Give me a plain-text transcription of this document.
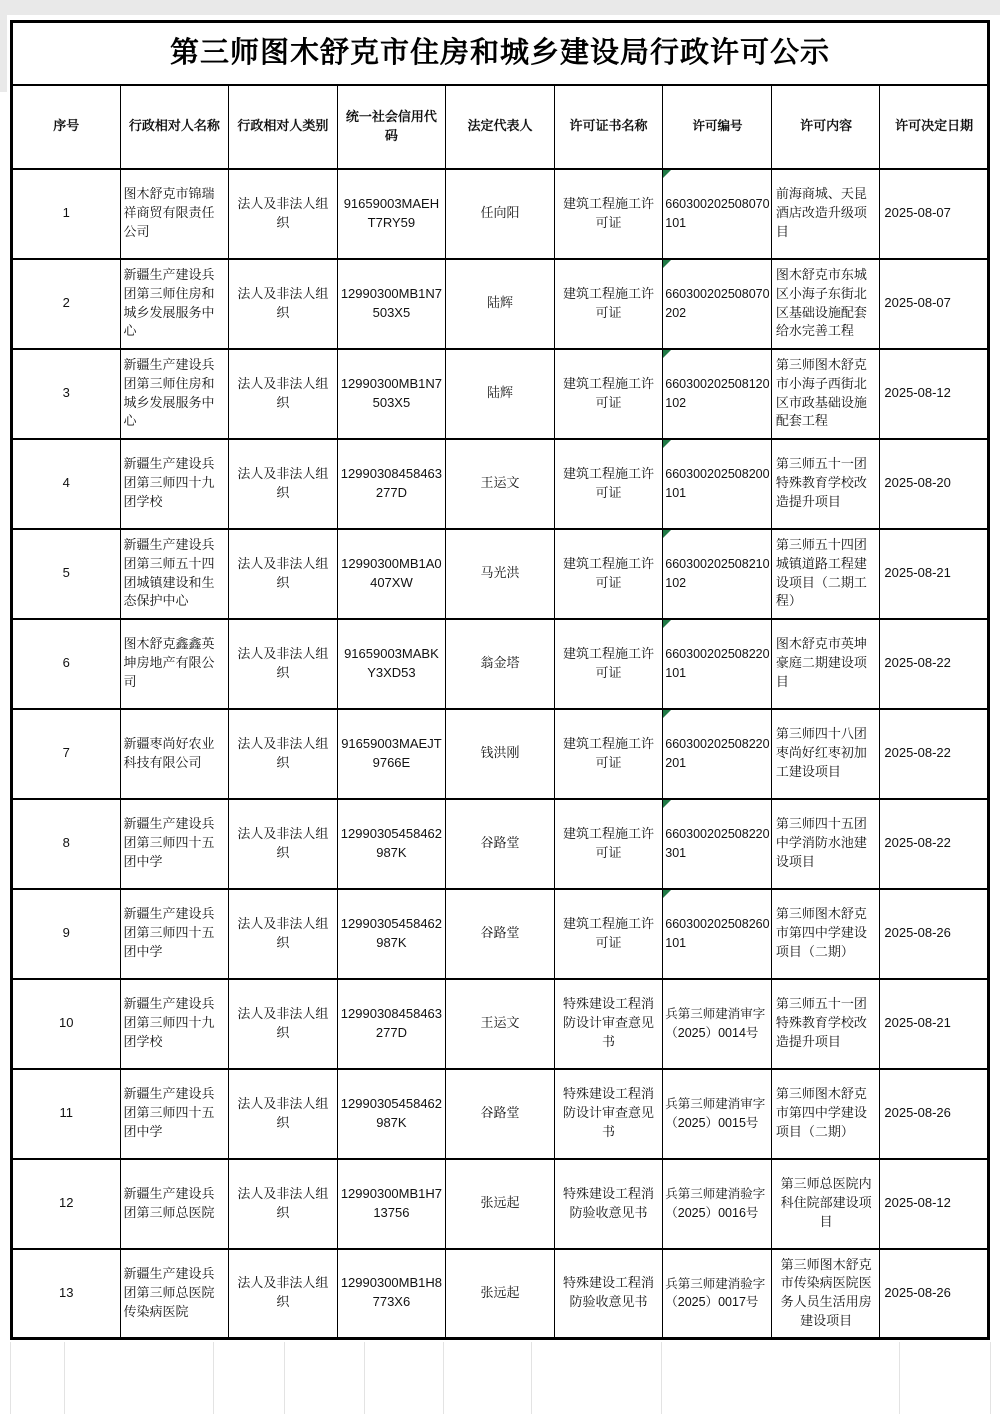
第三师图木舒克市住房和城乡建设局行政许可公示								
序号	行政相对人名称	行政相对人类别	统一社会信用代码	法定代表人	许可证书名称	许可编号	许可内容	许可决定日期
1	图木舒克市锦瑞祥商贸有限责任公司	法人及非法人组织	91659003MAEHT7RY59	任向阳	建筑工程施工许可证	660300202508070101	前海商城、天昆酒店改造升级项目	2025-08-07
2	新疆生产建设兵团第三师住房和城乡发展服务中心	法人及非法人组织	12990300MB1N7503X5	陆辉	建筑工程施工许可证	660300202508070202	图木舒克市东城区小海子东街北区基础设施配套给水完善工程	2025-08-07
3	新疆生产建设兵团第三师住房和城乡发展服务中心	法人及非法人组织	12990300MB1N7503X5	陆辉	建筑工程施工许可证	660300202508120102	第三师图木舒克市小海子西街北区市政基础设施配套工程	2025-08-12
4	新疆生产建设兵团第三师四十九团学校	法人及非法人组织	12990308458463277D	王运文	建筑工程施工许可证	660300202508200101	第三师五十一团特殊教育学校改造提升项目	2025-08-20
5	新疆生产建设兵团第三师五十四团城镇建设和生态保护中心	法人及非法人组织	12990300MB1A0407XW	马光洪	建筑工程施工许可证	660300202508210102	第三师五十四团城镇道路工程建设项目（二期工程）	2025-08-21
6	图木舒克鑫鑫英坤房地产有限公司	法人及非法人组织	91659003MABKY3XD53	翁金塔	建筑工程施工许可证	660300202508220101	图木舒克市英坤豪庭二期建设项目	2025-08-22
7	新疆枣尚好农业科技有限公司	法人及非法人组织	91659003MAEJT9766E	钱洪刚	建筑工程施工许可证	660300202508220201	第三师四十八团枣尚好红枣初加工建设项目	2025-08-22
8	新疆生产建设兵团第三师四十五团中学	法人及非法人组织	12990305458462987K	谷路堂	建筑工程施工许可证	660300202508220301	第三师四十五团中学消防水池建设项目	2025-08-22
9	新疆生产建设兵团第三师四十五团中学	法人及非法人组织	12990305458462987K	谷路堂	建筑工程施工许可证	660300202508260101	第三师图木舒克市第四中学建设项目（二期）	2025-08-26
10	新疆生产建设兵团第三师四十九团学校	法人及非法人组织	12990308458463277D	王运文	特殊建设工程消防设计审查意见书	兵第三师建消审字（2025）0014号	第三师五十一团特殊教育学校改造提升项目	2025-08-21
11	新疆生产建设兵团第三师四十五团中学	法人及非法人组织	12990305458462987K	谷路堂	特殊建设工程消防设计审查意见书	兵第三师建消审字（2025）0015号	第三师图木舒克市第四中学建设项目（二期）	2025-08-26
12	新疆生产建设兵团第三师总医院	法人及非法人组织	12990300MB1H713756	张远起	特殊建设工程消防验收意见书	兵第三师建消验字（2025）0016号	第三师总医院内科住院部建设项目	2025-08-12
13	新疆生产建设兵团第三师总医院传染病医院	法人及非法人组织	12990300MB1H8773X6	张远起	特殊建设工程消防验收意见书	兵第三师建消验字（2025）0017号	第三师图木舒克市传染病医院医务人员生活用房建设项目	2025-08-26
